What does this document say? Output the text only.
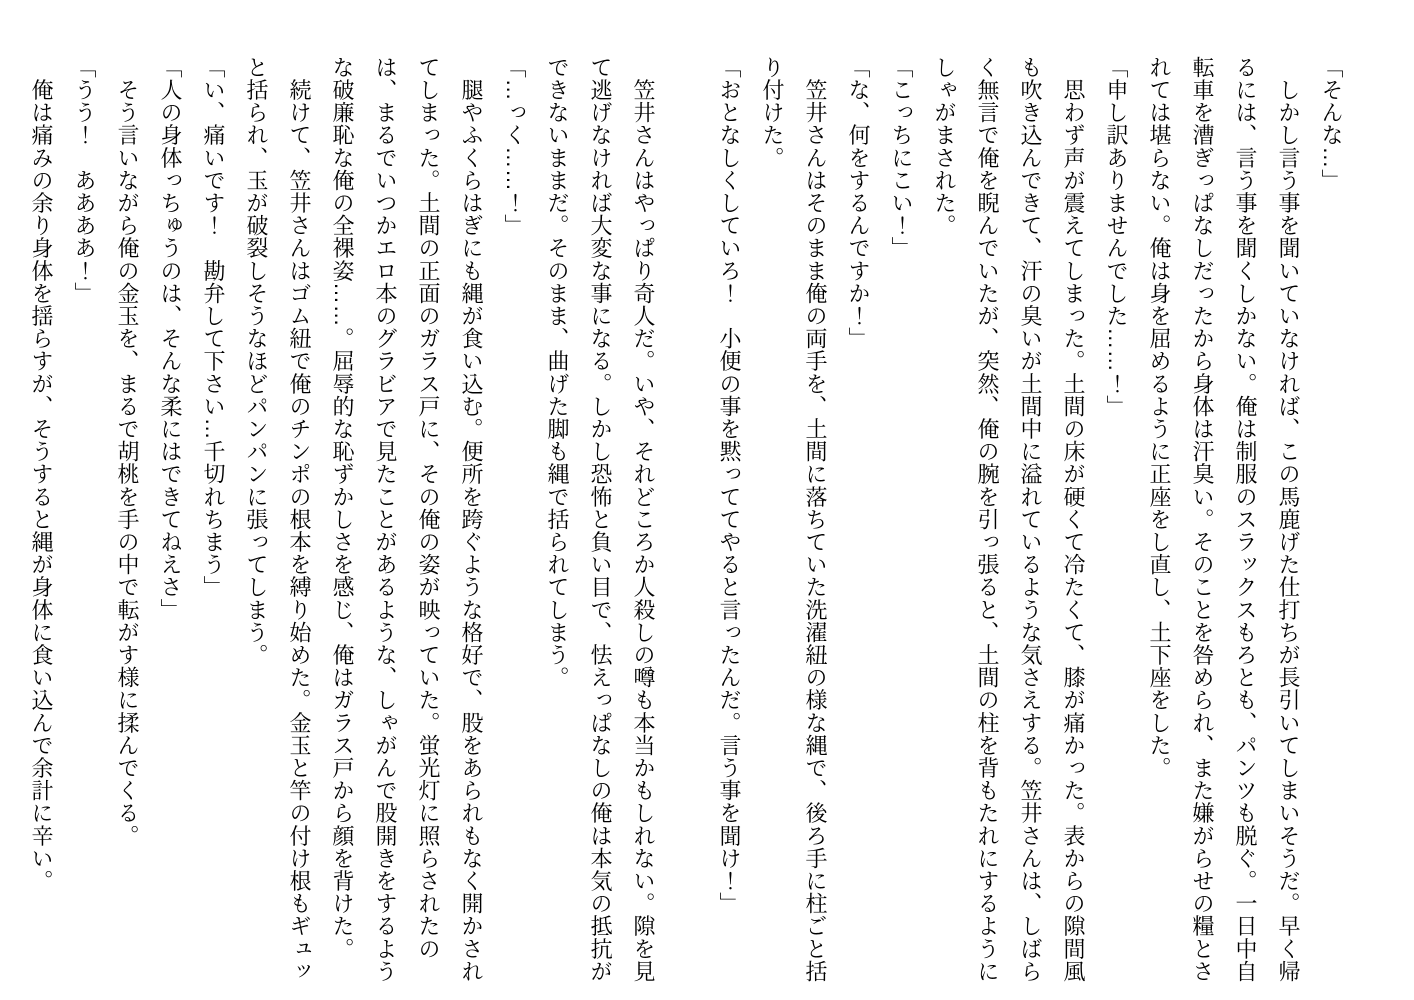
「そんな…」
　しかし言う事を聞いていなければ、この馬鹿げた仕打ちが長引いてしまいそうだ。早く帰
るには、言う事を聞くしかない。俺は制服のスラックスもろとも、パンツも脱ぐ。一日中自
転車を漕ぎっぱなしだったから身体は汗臭い。そのことを咎められ、また嫌がらせの糧とさ
れては堪らない。俺は身を屈めるように正座をし直し、土下座をした。
「申し訳ありませんでした……！」
　思わず声が震えてしまった。土間の床が硬くて冷たくて、膝が痛かった。表からの隙間風
も吹き込んできて、汗の臭いが土間中に溢れているような気さえする。笠井さんは、しばら
く無言で俺を睨んでいたが、突然、俺の腕を引っ張ると、土間の柱を背もたれにするように
しゃがまされた。
「こっちにこい！」
「な、何をするんですか！」
　笠井さんはそのまま俺の両手を、土間に落ちていた洗濯紐の様な縄で、後ろ手に柱ごと括
り付けた。
「おとなしくしていろ！　小便の事を黙っててやると言ったんだ。言う事を聞け！」
　笠井さんはやっぱり奇人だ。いや、それどころか人殺しの噂も本当かもしれない。隙を見
て逃げなければ大変な事になる。しかし恐怖と負い目で、怯えっぱなしの俺は本気の抵抗が
できないままだ。そのまま、曲げた脚も縄で括られてしまう。
「…っく……！」
　腿やふくらはぎにも縄が食い込む。便所を跨ぐような格好で、股をあられもなく開かされ
てしまった。土間の正面のガラス戸に、その俺の姿が映っていた。蛍光灯に照らされたの
は、まるでいつかエロ本のグラビアで見たことがあるような、しゃがんで股開きをするよう
な破廉恥な俺の全裸姿……。屈辱的な恥ずかしさを感じ、俺はガラス戸から顔を背けた。
　続けて、笠井さんはゴム紐で俺のチンポの根本を縛り始めた。金玉と竿の付け根もギュッ
と括られ、玉が破裂しそうなほどパンパンに張ってしまう。
「い、痛いです！　勘弁して下さい…千切れちまう」
「人の身体っちゅうのは、そんな柔にはできてねえさ」
　そう言いながら俺の金玉を、まるで胡桃を手の中で転がす様に揉んでくる。
「うう！　ああああ！」
　俺は痛みの余り身体を揺らすが、そうすると縄が身体に食い込んで余計に辛い。
